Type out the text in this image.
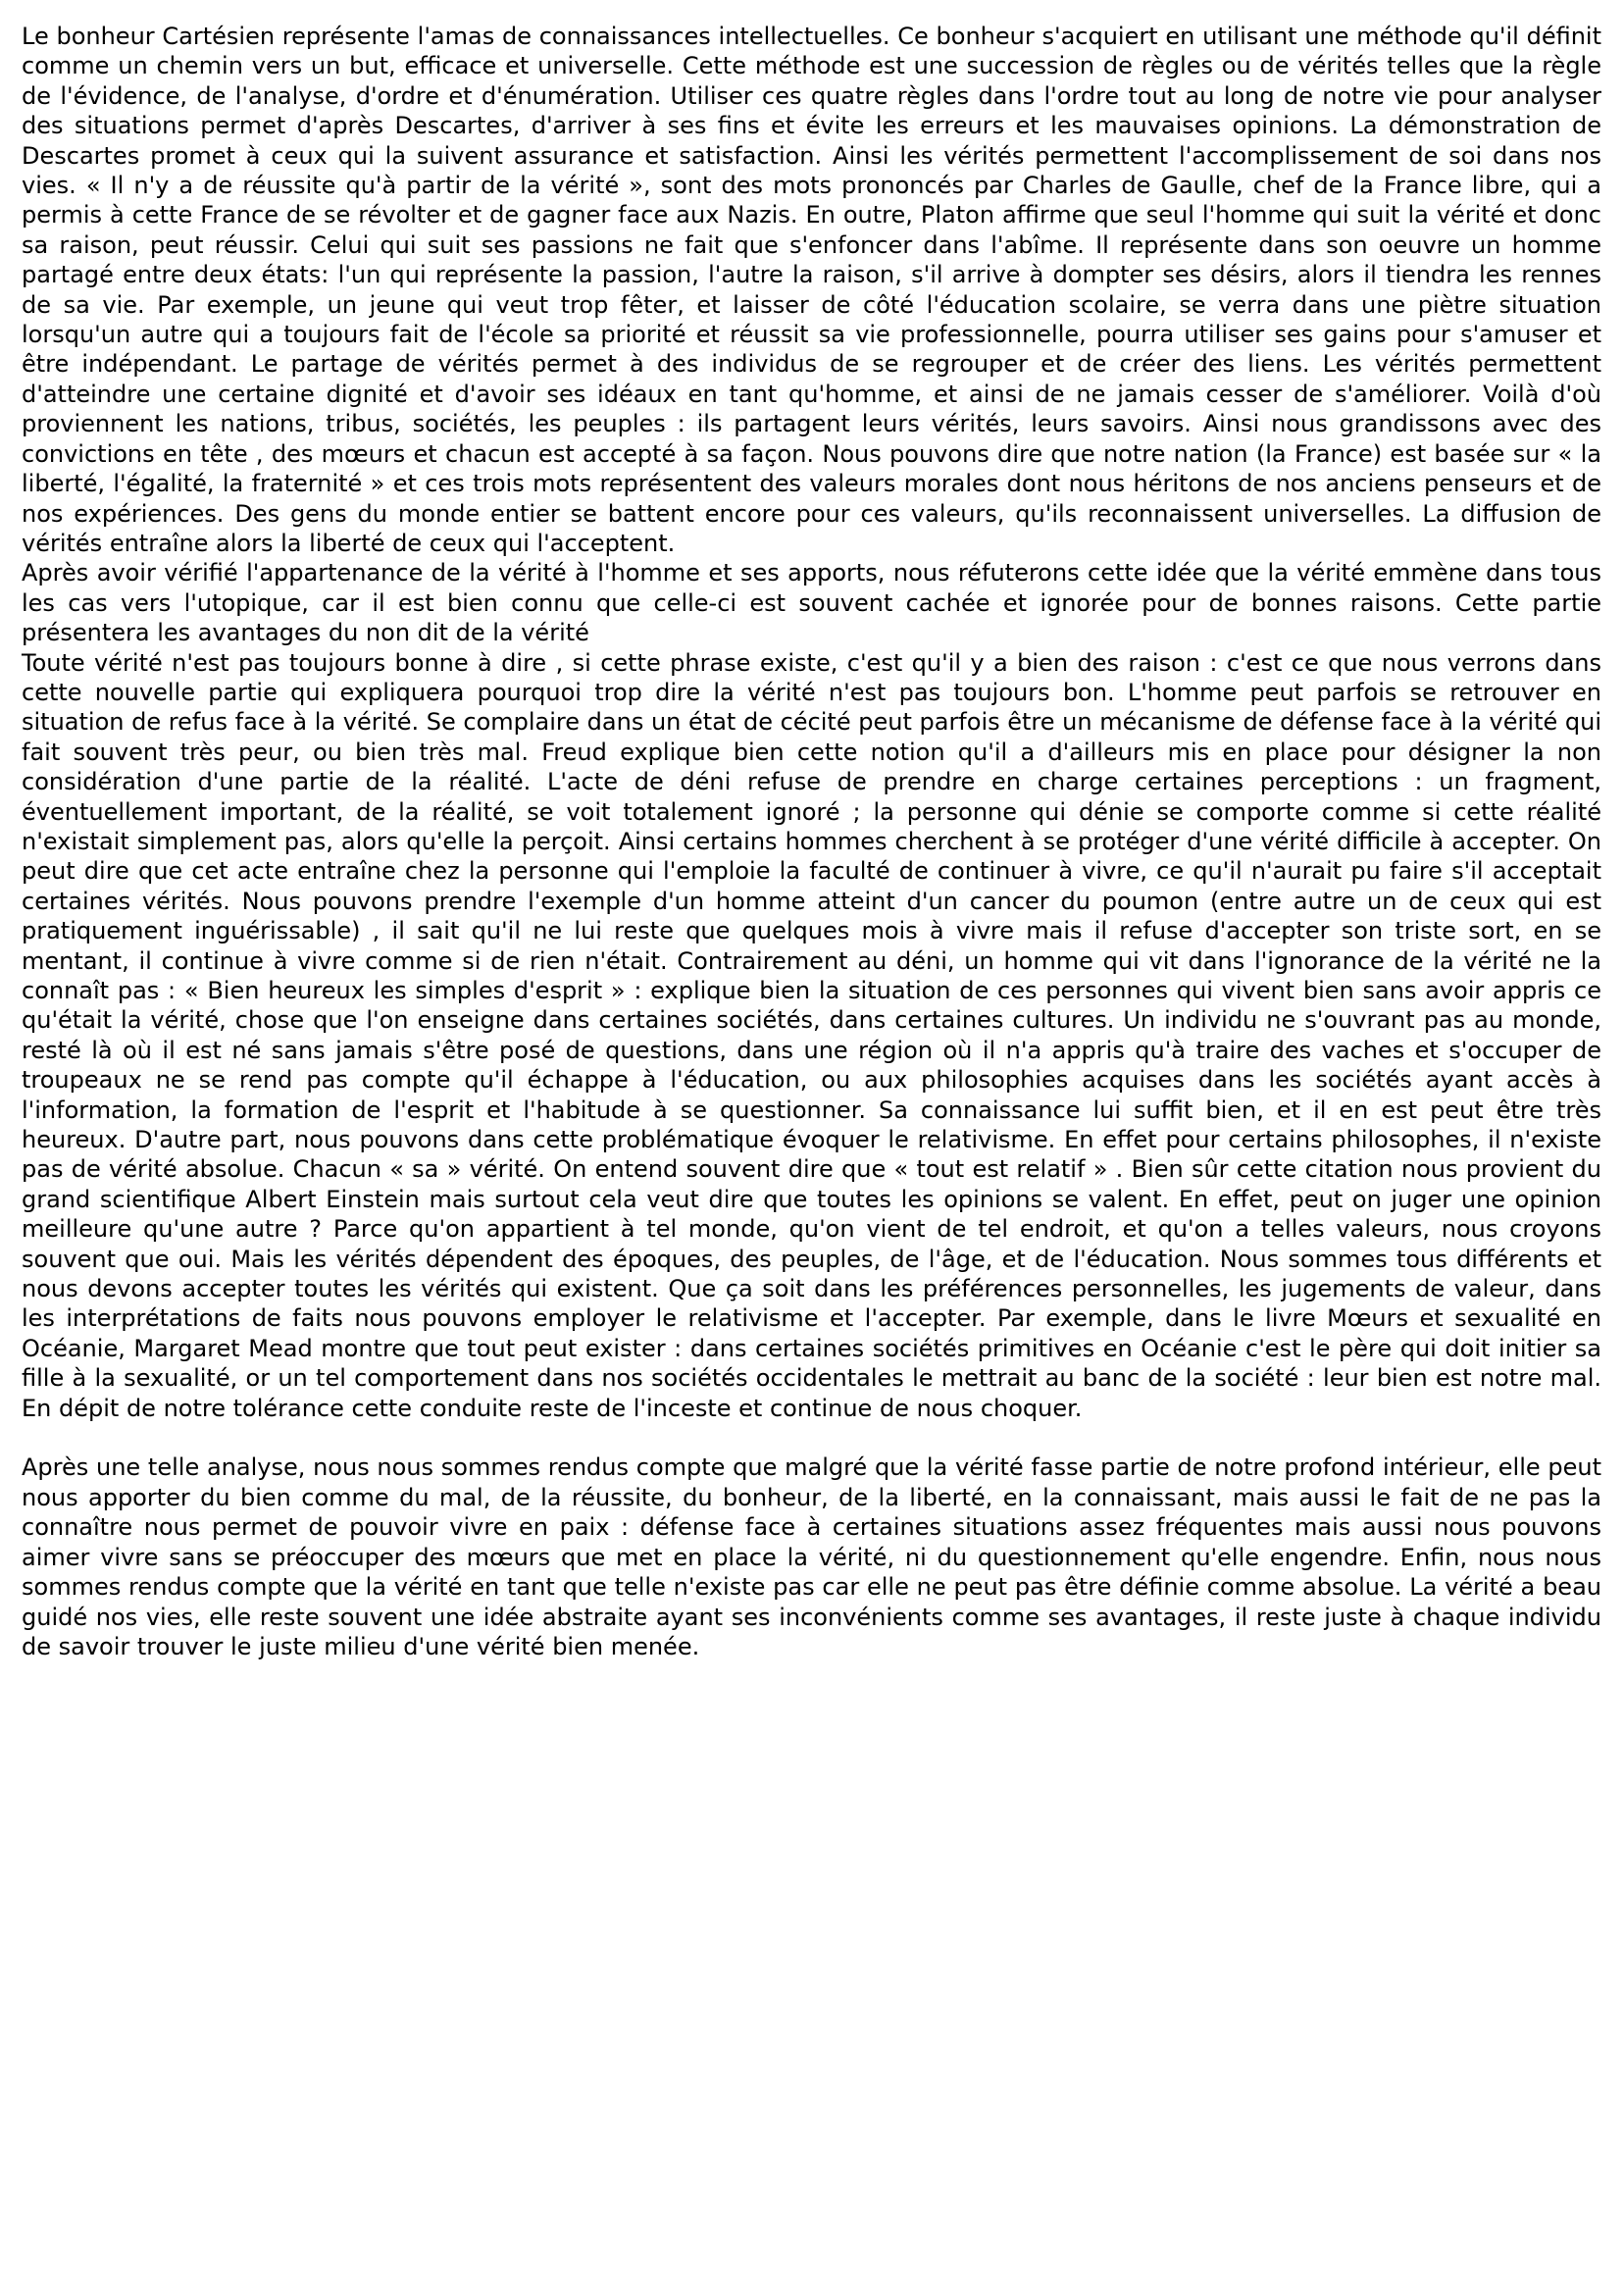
Le bonheur Cartésien représente l'amas de connaissances intellectuelles. Ce bonheur s'acquiert en utilisant une méthode qu'il définit comme un chemin vers un but, efficace et universelle. Cette méthode est une succession de règles ou de vérités telles que la règle de l'évidence, de l'analyse, d'ordre et d'énumération. Utiliser ces quatre règles dans l'ordre tout au long de notre vie pour analyser des situations permet d'après Descartes, d'arriver à ses fins et évite les erreurs et les mauvaises opinions. La démonstration de Descartes promet à ceux qui la suivent assurance et satisfaction. Ainsi les vérités permettent l'accomplissement de soi dans nos vies. « Il n'y a de réussite qu'à partir de la vérité », sont des mots prononcés par Charles de Gaulle, chef de la France libre, qui a permis à cette France de se révolter et de gagner face aux Nazis. En outre, Platon affirme que seul l'homme qui suit la vérité et donc sa raison, peut réussir. Celui qui suit ses passions ne fait que s'enfoncer dans l'abîme. Il représente dans son oeuvre un homme partagé entre deux états: l'un qui représente la passion, l'autre la raison, s'il arrive à dompter ses désirs, alors il tiendra les rennes de sa vie. Par exemple, un jeune qui veut trop fêter, et laisser de côté l'éducation scolaire, se verra dans une piètre situation lorsqu'un autre qui a toujours fait de l'école sa priorité et réussit sa vie professionnelle, pourra utiliser ses gains pour s'amuser et être indépendant. Le partage de vérités permet à des individus de se regrouper et de créer des liens. Les vérités permettent d'atteindre une certaine dignité et d'avoir ses idéaux en tant qu'homme, et ainsi de ne jamais cesser de s'améliorer. Voilà d'où proviennent les nations, tribus, sociétés, les peuples : ils partagent leurs vérités, leurs savoirs. Ainsi nous grandissons avec des convictions en tête , des mœurs et chacun est accepté à sa façon. Nous pouvons dire que notre nation (la France) est basée sur « la liberté, l'égalité, la fraternité » et ces trois mots représentent des valeurs morales dont nous héritons de nos anciens penseurs et de nos expériences. Des gens du monde entier se battent encore pour ces valeurs, qu'ils reconnaissent universelles. La diffusion de vérités entraîne alors la liberté de ceux qui l'acceptent.

Après avoir vérifié l'appartenance de la vérité à l'homme et ses apports, nous réfuterons cette idée que la vérité emmène dans tous les cas vers l'utopique, car il est bien connu que celle-ci est souvent cachée et ignorée pour de bonnes raisons. Cette partie présentera les avantages du non dit de la vérité

Toute vérité n'est pas toujours bonne à dire , si cette phrase existe, c'est qu'il y a bien des raison : c'est ce que nous verrons dans cette nouvelle partie qui expliquera pourquoi trop dire la vérité n'est pas toujours bon. L'homme peut parfois se retrouver en situation de refus face à la vérité. Se complaire dans un état de cécité peut parfois être un mécanisme de défense face à la vérité qui fait souvent très peur, ou bien très mal. Freud explique bien cette notion qu'il a d'ailleurs mis en place pour désigner la non considération d'une partie de la réalité. L'acte de déni refuse de prendre en charge certaines perceptions : un fragment, éventuellement important, de la réalité, se voit totalement ignoré ; la personne qui dénie se comporte comme si cette réalité n'existait simplement pas, alors qu'elle la perçoit. Ainsi certains hommes cherchent à se protéger d'une vérité difficile à accepter. On peut dire que cet acte entraîne chez la personne qui l'emploie la faculté de continuer à vivre, ce qu'il n'aurait pu faire s'il acceptait certaines vérités. Nous pouvons prendre l'exemple d'un homme atteint d'un cancer du poumon (entre autre un de ceux qui est pratiquement inguérissable) , il sait qu'il ne lui reste que quelques mois à vivre mais il refuse d'accepter son triste sort, en se mentant, il continue à vivre comme si de rien n'était. Contrairement au déni, un homme qui vit dans l'ignorance de la vérité ne la connaît pas : « Bien heureux les simples d'esprit » : explique bien la situation de ces personnes qui vivent bien sans avoir appris ce qu'était la vérité, chose que l'on enseigne dans certaines sociétés, dans certaines cultures. Un individu ne s'ouvrant pas au monde, resté là où il est né sans jamais s'être posé de questions, dans une région où il n'a appris qu'à traire des vaches et s'occuper de troupeaux ne se rend pas compte qu'il échappe à l'éducation, ou aux philosophies acquises dans les sociétés ayant accès à l'information, la formation de l'esprit et l'habitude à se questionner. Sa connaissance lui suffit bien, et il en est peut être très heureux. D'autre part, nous pouvons dans cette problématique évoquer le relativisme. En effet pour certains philosophes, il n'existe pas de vérité absolue. Chacun « sa » vérité. On entend souvent dire que « tout est relatif » . Bien sûr cette citation nous provient du grand scientifique Albert Einstein mais surtout cela veut dire que toutes les opinions se valent. En effet, peut on juger une opinion meilleure qu'une autre ? Parce qu'on appartient à tel monde, qu'on vient de tel endroit, et qu'on a telles valeurs, nous croyons souvent que oui. Mais les vérités dépendent des époques, des peuples, de l'âge, et de l'éducation. Nous sommes tous différents et nous devons accepter toutes les vérités qui existent. Que ça soit dans les préférences personnelles, les jugements de valeur, dans les interprétations de faits nous pouvons employer le relativisme et l'accepter. Par exemple, dans le livre Mœurs et sexualité en Océanie, Margaret Mead montre que tout peut exister : dans certaines sociétés primitives en Océanie c'est le père qui doit initier sa fille à la sexualité, or un tel comportement dans nos sociétés occidentales le mettrait au banc de la société : leur bien est notre mal. En dépit de notre tolérance cette conduite reste de l'inceste et continue de nous choquer.

Après une telle analyse, nous nous sommes rendus compte que malgré que la vérité fasse partie de notre profond intérieur, elle peut nous apporter du bien comme du mal, de la réussite, du bonheur, de la liberté, en la connaissant, mais aussi le fait de ne pas la connaître nous permet de pouvoir vivre en paix : défense face à certaines situations assez fréquentes mais aussi nous pouvons aimer vivre sans se préoccuper des mœurs que met en place la vérité, ni du questionnement qu'elle engendre. Enfin, nous nous sommes rendus compte que la vérité en tant que telle n'existe pas car elle ne peut pas être définie comme absolue. La vérité a beau guidé nos vies, elle reste souvent une idée abstraite ayant ses inconvénients comme ses avantages, il reste juste à chaque individu de savoir trouver le juste milieu d'une vérité bien menée.
